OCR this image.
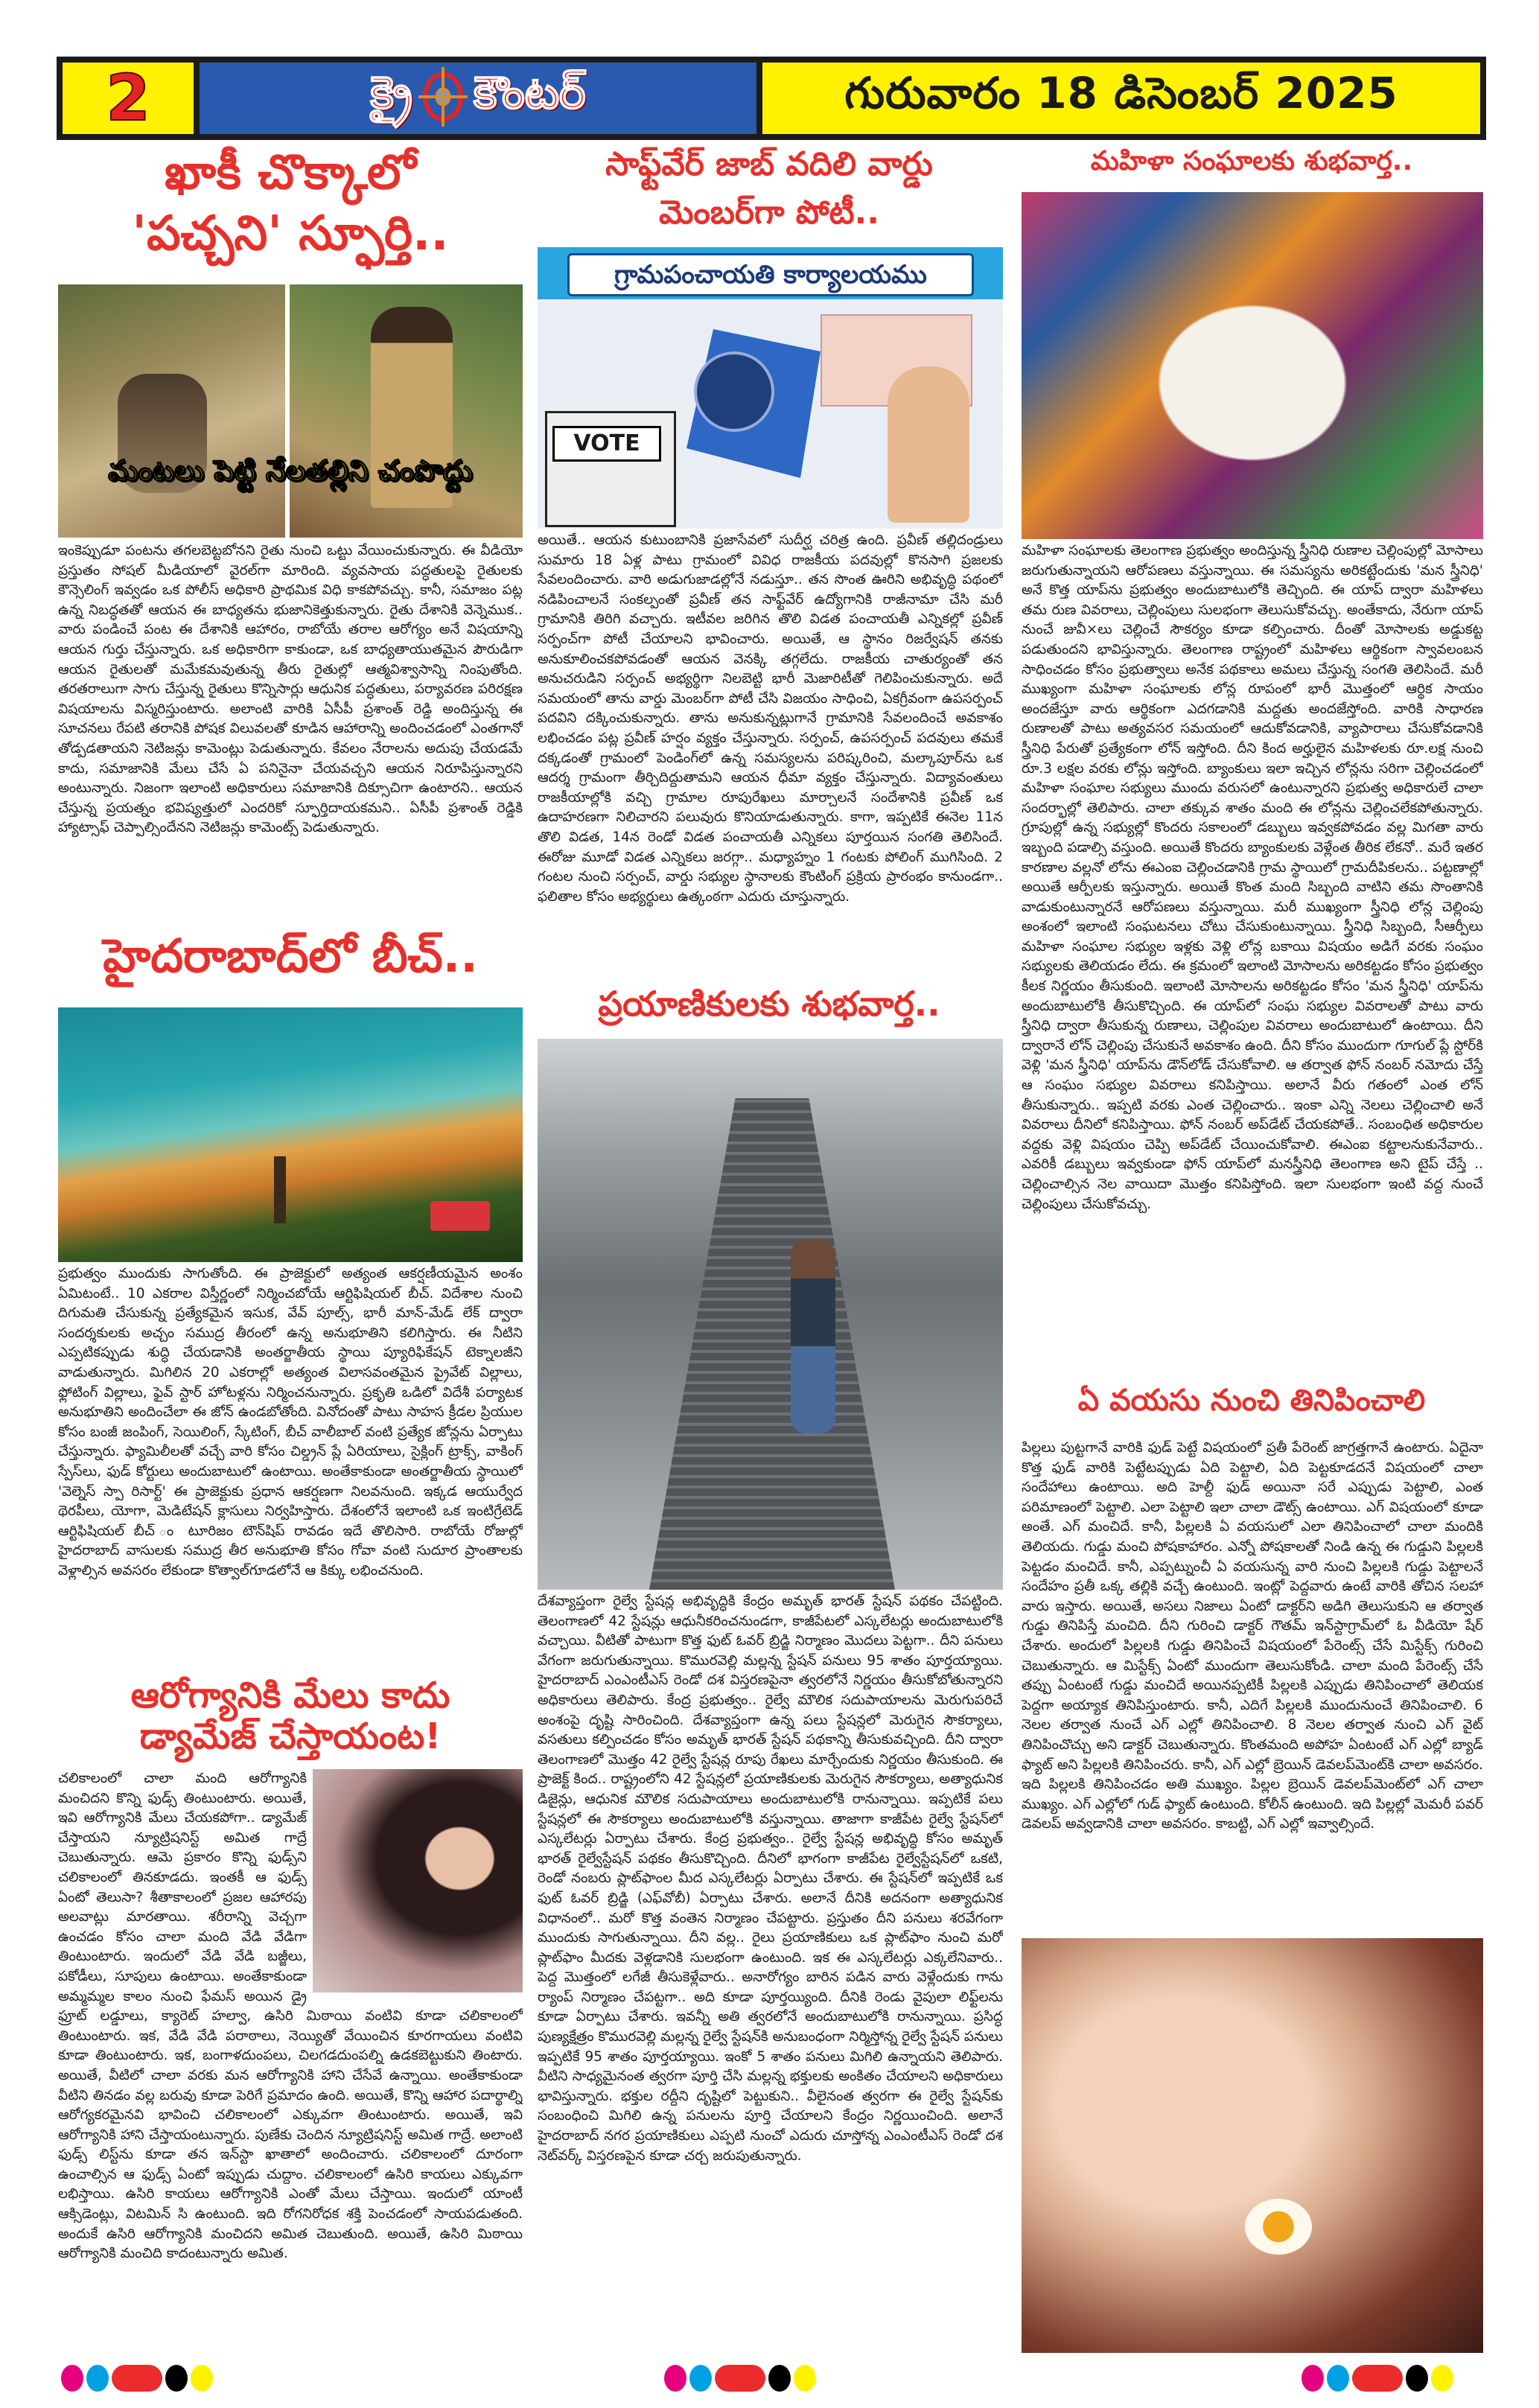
2	క్రై కౌంటర్	గురువారం 18 డిసెంబర్ 2025
ఖాకీ చొక్కాలో
'పచ్చని' స్ఫూర్తి..
మంటలు పెట్టి నేలతల్లిని చంపొద్దు
ఇంకెప్పుడూ పంటను తగలబెట్టబోనని రైతు నుంచి ఒట్టు వేయించుకున్నారు. ఈ వీడియో ప్రస్తుతం సోషల్ మీడియాలో వైరల్‌గా మారింది. వ్యవసాయ పద్ధతులపై రైతులకు కౌన్సెలింగ్ ఇవ్వడం ఒక పోలీస్ అధికారి ప్రాథమిక విధి కాకపోవచ్చు. కానీ, సమాజం పట్ల ఉన్న నిబద్ధతతో ఆయన ఈ బాధ్యతను భుజానికెత్తుకున్నారు. రైతు దేశానికి వెన్నెముక.. వారు పండించే పంట ఈ దేశానికి ఆహారం, రాబోయే తరాల ఆరోగ్యం అనే విషయాన్ని ఆయన గుర్తు చేస్తున్నారు. ఒక అధికారిగా కాకుండా, ఒక బాధ్యతాయుతమైన పౌరుడిగా ఆయన రైతులతో మమేకమవుతున్న తీరు రైతుల్లో ఆత్మవిశ్వాసాన్ని నింపుతోంది. తరతరాలుగా సాగు చేస్తున్న రైతులు కొన్నిసార్లు ఆధునిక పద్ధతులు, పర్యావరణ పరిరక్షణ విషయాలను విస్మరిస్తుంటారు. అలాంటి వారికి ఏసీపీ ప్రశాంత్ రెడ్డి అందిస్తున్న ఈ సూచనలు రేపటి తరానికి పోషక విలువలతో కూడిన ఆహారాన్ని అందించడంలో ఎంతగానో తోడ్పడతాయని నెటిజన్లు కామెంట్లు పెడుతున్నారు. కేవలం నేరాలను అదుపు చేయడమే కాదు, సమాజానికి మేలు చేసే ఏ పనినైనా చేయవచ్చని ఆయన నిరూపిస్తున్నారని అంటున్నారు. నిజంగా ఇలాంటి అధికారులు సమాజానికి దిక్సూచిగా ఉంటారని.. ఆయన చేస్తున్న ప్రయత్నం భవిష్యత్తులో ఎందరికో స్ఫూర్తిదాయకమని.. ఏసీపీ ప్రశాంత్ రెడ్డికి హ్యాట్సాఫ్ చెప్పాల్సిందేనని నెటిజన్లు కామెంట్స్ పెడుతున్నారు.
హైదరాబాద్‌లో బీచ్..
ప్రభుత్వం ముందుకు సాగుతోంది. ఈ ప్రాజెక్టులో అత్యంత ఆకర్షణీయమైన అంశం ఏమిటంటే.. 10 ఎకరాల విస్తీర్ణంలో నిర్మించబోయే ఆర్టిఫిషియల్ బీచ్. విదేశాల నుంచి దిగుమతి చేసుకున్న ప్రత్యేకమైన ఇసుక, వేవ్ పూల్స్, భారీ మాన్-మేడ్ లేక్ ద్వారా సందర్శకులకు అచ్చం సముద్ర తీరంలో ఉన్న అనుభూతిని కలిగిస్తారు. ఈ నీటిని ఎప్పటికప్పుడు శుద్ధి చేయడానికి అంతర్జాతీయ స్థాయి ప్యూరిఫికేషన్ టెక్నాలజీని వాడుతున్నారు. మిగిలిన 20 ఎకరాల్లో అత్యంత విలాసవంతమైన ప్రైవేట్ విల్లాలు, ఫ్లోటింగ్ విల్లాలు, ఫైవ్ స్టార్ హోటళ్లను నిర్మించనున్నారు. ప్రకృతి ఒడిలో విదేశీ పర్యాటక అనుభూతిని అందించేలా ఈ జోన్ ఉండబోతోంది. వినోదంతో పాటు సాహస క్రీడల ప్రియుల కోసం బంజీ జంపింగ్, సెయిలింగ్, స్కేటింగ్, బీచ్ వాలీబాల్ వంటి ప్రత్యేక జోన్లను ఏర్పాటు చేస్తున్నారు. ఫ్యామిలీలతో వచ్చే వారి కోసం చిల్డ్రన్ ప్లే ఏరియాలు, సైక్లింగ్ ట్రాక్స్, వాకింగ్ స్పేస్‌లు, ఫుడ్ కోర్టులు అందుబాటులో ఉంటాయి. అంతేకాకుండా అంతర్జాతీయ స్థాయిలో 'వెల్నెస్ స్పా రిసార్ట్' ఈ ప్రాజెక్టుకు ప్రధాన ఆకర్షణగా నిలవనుంది. ఇక్కడ ఆయుర్వేద థెరపీలు, యోగా, మెడిటేషన్ క్లాసులు నిర్వహిస్తారు. దేశంలోనే ఇలాంటి ఒక ఇంటిగ్రేటెడ్ ఆర్టిఫిషియల్ బీచ్ ం టూరిజం టౌన్‌షిప్ రావడం ఇదే తొలిసారి. రాబోయే రోజుల్లో హైదరాబాద్ వాసులకు సముద్ర తీర అనుభూతి కోసం గోవా వంటి సుదూర ప్రాంతాలకు వెళ్లాల్సిన అవసరం లేకుండా కొత్వాల్‌గూడలోనే ఆ కిక్కు లభించనుంది.
ఆరోగ్యానికి మేలు కాదు
డ్యామేజ్ చేస్తాయంట!
చలికాలంలో చాలా మంది ఆరోగ్యానికి మంచిదని కొన్ని ఫుడ్స్ తింటుంటారు. అయితే, ఇవి ఆరోగ్యానికి మేలు చేయకపోగా.. డ్యామేజ్ చేస్తాయని న్యూట్రిషనిస్ట్ అమిత గాద్రే చెబుతున్నారు. ఆమె ప్రకారం కొన్ని ఫుడ్స్‌ని చలికాలంలో తినకూడదు. ఇంతకీ ఆ ఫుడ్స్ ఏంటో తెలుసా? శీతాకాలంలో ప్రజల ఆహారపు అలవాట్లు మారతాయి. శరీరాన్ని వెచ్చగా ఉంచడం కోసం చాలా మంది వేడి వేడిగా తింటుంటారు. ఇందులో వేడి వేడి బజ్జీలు, పకోడీలు, సూపులు ఉంటాయి. అంతేకాకుండా అమ్మమ్మల కాలం నుంచి ఫేమస్ అయిన డ్రై ఫ్రూట్ లడ్డూలు, క్యారెట్ హల్వా, ఉసిరి మిఠాయి వంటివి కూడా చలికాలంలో తింటుంటారు. ఇక, వేడి వేడి పరాఠాలు, నెయ్యితో వేయించిన కూరగాయలు వంటివి కూడా తింటుంటారు. ఇక, బంగాళదుంపలు, చిలగడదుంపల్ని ఉడకబెట్టుకుని తింటారు. అయితే, వీటిలో చాలా వరకు మన ఆరోగ్యానికి హాని చేసేవే ఉన్నాయి. అంతేకాకుండా వీటిని తినడం వల్ల బరువు కూడా పెరిగే ప్రమాదం ఉంది. అయితే, కొన్ని ఆహార పదార్థాల్ని ఆరోగ్యకరమైనవి భావించి చలికాలంలో ఎక్కువగా తింటుంటారు. అయితే, ఇవి ఆరోగ్యానికి హాని చేస్తాయంటున్నారు. పుణేకు చెందిన న్యూట్రిషనిస్ట్ అమిత గాద్రే. అలాంటి ఫుడ్స్ లిస్ట్‌ను కూడా తన ఇన్‌స్టా ఖాతాలో అందించారు. చలికాలంలో దూరంగా ఉంచాల్సిన ఆ ఫుడ్స్ ఏంటో ఇప్పుడు చుద్దాం. చలికాలంలో ఉసిరి కాయలు ఎక్కువగా లభిస్తాయి. ఉసిరి కాయలు ఆరోగ్యానికి ఎంతో మేలు చేస్తాయి. ఇందులో యాంటీ ఆక్సిడెంట్లు, విటమిన్ సి ఉంటుంది. ఇది రోగనిరోధక శక్తి పెంచడంలో సాయపడుతంది. అందుకే ఉసిరి ఆరోగ్యానికి మంచిదని అమిత చెబుతుంది. అయితే, ఉసిరి మిఠాయి ఆరోగ్యానికి మంచిది కాదంటున్నారు అమిత.
సాఫ్ట్‌వేర్ జాబ్ వదిలి వార్డు
మెంబర్‌గా పోటీ..
గ్రామపంచాయతి కార్యాలయము
VOTE
అయితే.. ఆయన కుటుంబానికి ప్రజాసేవలో సుదీర్ఘ చరిత్ర ఉంది. ప్రవీణ్ తల్లిదండ్రులు సుమారు 18 ఏళ్ల పాటు గ్రామంలో వివిధ రాజకీయ పదవుల్లో కొనసాగి ప్రజలకు సేవలందించారు. వారి అడుగుజాడల్లోనే నడుస్తూ.. తన సొంత ఊరిని అభివృద్ధి పథంలో నడిపించాలనే సంకల్పంతో ప్రవీణ్ తన సాఫ్ట్‌వేర్ ఉద్యోగానికి రాజీనామా చేసి మరీ గ్రామానికి తిరిగి వచ్చారు. ఇటీవల జరిగిన తొలి విడత పంచాయతీ ఎన్నికల్లో ప్రవీణ్ సర్పంచ్‌గా పోటీ చేయాలని భావించారు. అయితే, ఆ స్థానం రిజర్వేషన్ తనకు అనుకూలించకపోవడంతో ఆయన వెనక్కి తగ్గలేదు. రాజకీయ చాతుర్యంతో తన అనుచరుడిని సర్పంచ్ అభ్యర్థిగా నిలబెట్టి భారీ మెజారిటీతో గెలిపించుకున్నారు. అదే సమయంలో తాను వార్డు మెంబర్‌గా పోటీ చేసి విజయం సాధించి, ఏకగ్రీవంగా ఉపసర్పంచ్ పదవిని దక్కించుకున్నారు. తాను అనుకున్నట్లుగానే గ్రామానికి సేవలందించే అవకాశం లభించడం పట్ల ప్రవీణ్ హర్షం వ్యక్తం చేస్తున్నారు. సర్పంచ్, ఉపసర్పంచ్ పదవులు తమకే దక్కడంతో గ్రామంలో పెండింగ్‌లో ఉన్న సమస్యలను పరిష్కరించి, మల్కాపూర్‌ను ఒక ఆదర్శ గ్రామంగా తీర్చిదిద్దుతామని ఆయన ధీమా వ్యక్తం చేస్తున్నారు. విద్యావంతులు రాజకీయాల్లోకి వచ్చి గ్రామాల రూపురేఖలు మార్చాలనే సందేశానికి ప్రవీణ్ ఒక ఉదాహరణగా నిలిచారని పలువురు కొనియాడుతున్నారు. కాగా, ఇప్పటికే ఈనెల 11న తొలి విడత, 14న రెండో విడత పంచాయతీ ఎన్నికలు పూర్తయిన సంగతి తెలిసిందే. ఈరోజు మూడో విడత ఎన్నికలు జరగ్గా.. మధ్యాహ్నం 1 గంటకు పోలింగ్ ముగిసింది. 2 గంటల నుంచి సర్పంచ్, వార్డు సభ్యుల స్థానాలకు కౌంటింగ్ ప్రక్రియ ప్రారంభం కానుండగా.. ఫలితాల కోసం అభ్యర్థులు ఉత్కంఠగా ఎదురు చూస్తున్నారు.
ప్రయాణికులకు శుభవార్త..
దేశవ్యాప్తంగా రైల్వే స్టేషన్ల అభివృద్ధికి కేంద్రం అమృత్ భారత్ స్టేషన్ పథకం చేపట్టింది. తెలంగాణలో 42 స్టేషన్లు ఆధునీకరించనుండగా, కాజీపేటలో ఎస్కలేటర్లు అందుబాటులోకి వచ్చాయి. వీటితో పాటుగా కొత్త ఫుట్ ఓవర్ బ్రిడ్జి నిర్మాణం మొదలు పెట్టగా.. దీని పనులు వేగంగా జరుగుతున్నాయి. కొమురవెల్లి మల్లన్న స్టేషన్ పనులు 95 శాతం పూర్తయ్యాయి. హైదరాబాద్ ఎంఎంటీఎస్ రెండో దశ విస్తరణపైనా త్వరలోనే నిర్ణయం తీసుకోబోతున్నారని అధికారులు తెలిపారు. కేంద్ర ప్రభుత్వం.. రైల్వే మౌలిక సదుపాయాలను మెరుగుపరిచే అంశంపై దృష్టి సారించింది. దేశవ్యాప్తంగా ఉన్న పలు స్టేషన్లలో మెరుగైన సౌకర్యాలు, వసతులు కల్పించడం కోసం అమృత్ భారత్ స్టేషన్ పథకాన్ని తీసుకువచ్చింది. దీని ద్వారా తెలంగాణలో మొత్తం 42 రైల్వే స్టేషన్ల రూపు రేఖలు మార్చేందుకు నిర్ణయం తీసుకుంది. ఈ ప్రాజెక్ట్ కింద.. రాష్ట్రంలోని 42 స్టేషన్లలో ప్రయాణికులకు మెరుగైన సౌకర్యాలు, అత్యాధునిక డిజైన్లు, ఆధునిక మౌలిక సదుపాయాలు అందుబాటులోకి రానున్నాయి. ఇప్పటికే పలు స్టేషన్లలో ఈ సౌకర్యాలు అందుబాటులోకి వస్తున్నాయి. తాజాగా కాజీపేట రైల్వే స్టేషన్‌లో ఎస్కలేటర్లు ఏర్పాటు చేశారు. కేంద్ర ప్రభుత్వం.. రైల్వే స్టేషన్ల అభివృద్ధి కోసం అమృత్ భారత్ రైల్వేస్టేషన్ పథకం తీసుకొచ్చింది. దీనిలో భాగంగా కాజీపేట రైల్వేస్టేషన్‌లో ఒకటి, రెండో నంబరు ప్లాట్‌ఫాంల మీద ఎస్కలేటర్లు ఏర్పాటు చేశారు. ఈ స్టేషన్‌లో ఇప్పటికే ఒక ఫుట్ ఓవర్ బ్రిడ్జి (ఎఫ్‌వోబీ) ఏర్పాటు చేశారు. అలానే దీనికి అదనంగా అత్యాధునిక విధానంలో.. మరో కొత్త వంతెన నిర్మాణం చేపట్టారు. ప్రస్తుతం దీని పనులు శరవేగంగా ముందుకు సాగుతున్నాయి. దీని వల్ల.. రైలు ప్రయాణికులు ఒక ప్లాట్‌ఫాం నుంచి మరో ప్లాట్‌ఫాం మీదకు వెళ్లడానికి సులభంగా ఉంటుంది. ఇక ఈ ఎస్కలేటర్లు ఎక్కలేనివారు.. పెద్ద మొత్తంలో లగేజీ తీసుకెళ్లేవారు.. అనారోగ్యం బారిన పడిన వారు వెళ్లేందుకు గాను ర్యాంప్ నిర్మాణం చేపట్టగా.. అది కూడా పూర్తయ్యింది. దీనికి రెండు వైపులా లిఫ్ట్‌లను కూడా ఏర్పాటు చేశారు. ఇవన్నీ అతి త్వరలోనే అందుబాటులోకి రానున్నాయి. ప్రసిద్ధ పుణ్యక్షేత్రం కొమురవెల్లి మల్లన్న రైల్వే స్టేషన్‌కి అనుబంధంగా నిర్మిస్తోన్న రైల్వే స్టేషన్ పనులు ఇప్పటికే 95 శాతం పూర్తయ్యాయి. ఇంకో 5 శాతం పనులు మిగిలి ఉన్నాయని తెలిపారు. వీటిని సాధ్యమైనంత త్వరగా పూర్తి చేసి మల్లన్న భక్తులకు అంకితం చేయాలని అధికారులు భావిస్తున్నారు. భక్తుల రద్దీని దృష్టిలో పెట్టుకుని.. వీలైనంత త్వరగా ఈ రైల్వే స్టేషన్‌కు సంబంధించి మిగిలి ఉన్న పనులను పూర్తి చేయాలని కేంద్రం నిర్ణయించింది. అలానే హైదరాబాద్ నగర ప్రయాణికులు ఎప్పటి నుంచో ఎదురు చూస్తోన్న ఎంఎంటీఎస్ రెండో దశ నెట్‌వర్క్ విస్తరణపైన కూడా చర్చ జరుపుతున్నారు.
మహిళా సంఘాలకు శుభవార్త..
మహిళా సంఘాలకు తెలంగాణ ప్రభుత్వం అందిస్తున్న స్త్రీనిధి రుణాల చెల్లింపుల్లో మోసాలు జరుగుతున్నాయని ఆరోపణలు వస్తున్నాయి. ఈ సమస్యను అరికట్టేందుకు 'మన స్త్రీనిధి' అనే కొత్త యాప్‌ను ప్రభుత్వం అందుబాటులోకి తెచ్చింది. ఈ యాప్ ద్వారా మహిళలు తమ రుణ వివరాలు, చెల్లింపులు సులభంగా తెలుసుకోవచ్చు. అంతేకాదు, నేరుగా యాప్ నుంచే జువీ×లు చెల్లించే సౌకర్యం కూడా కల్పించారు. దీంతో మోసాలకు అడ్డుకట్ట పడుతుందని భావిస్తున్నారు. తెలంగాణ రాష్ట్రంలో మహిళలు ఆర్థికంగా స్వావలంబన సాధించడం కోసం ప్రభుత్వాలు అనేక పథకాలు అమలు చేస్తున్న సంగతి తెలిసిందే. మరీ ముఖ్యంగా మహిళా సంఘాలకు లోన్ల రూపంలో భారీ మొత్తంలో ఆర్థిక సాయం అందజేస్తూ వారు ఆర్థికంగా ఎదగడానికి మద్దతు అందజేస్తోంది. వారికి సాధారణ రుణాలతో పాటు అత్యవసర సమయంలో ఆదుకోవడానికి, వ్యాపారాలు చేసుకోవడానికి స్త్రీనిధి పేరుతో ప్రత్యేకంగా లోన్ ఇస్తోంది. దీని కింద అర్హులైన మహిళలకు రూ.లక్ష నుంచి రూ.3 లక్షల వరకు లోన్లు ఇస్తోంది. బ్యాంకులు ఇలా ఇచ్చిన లోన్లను సరిగా చెల్లించడంలో మహిళా సంఘాల సభ్యులు ముందు వరుసలో ఉంటున్నారని ప్రభుత్వ అధికారులే చాలా సందర్భాల్లో తెలిపారు. చాలా తక్కువ శాతం మంది ఈ లోన్లను చెల్లించలేకపోతున్నారు. గ్రూపుల్లో ఉన్న సభ్యుల్లో కొందరు సకాలంలో డబ్బులు ఇవ్వకపోవడం వల్ల మిగతా వారు ఇబ్బంది పడాల్సి వస్తుంది. అయితే కొందరు బ్యాంకులకు వెళ్లేంత తీరిక లేకనో.. మరే ఇతర కారణాల వల్లనో లోను ఈఎంఐ చెల్లించడానికి గ్రామ స్థాయిలో గ్రామదీపికలను.. పట్టణాల్లో అయితే ఆర్పీలకు ఇస్తున్నారు. అయితే కొంత మంది సిబ్బంది వాటిని తమ సొంతానికి వాడుకుంటున్నారనే ఆరోపణలు వస్తున్నాయి. మరీ ముఖ్యంగా స్త్రీనిధి లోన్ల చెల్లింపు అంశంలో ఇలాంటి సంఘటనలు చోటు చేసుకుంటున్నాయి. స్త్రీనిధి సిబ్బంది, సీఆర్పీలు మహిళా సంఘాల సభ్యుల ఇళ్లకు వెళ్లి లోన్ల బకాయి విషయం అడిగే వరకు సంఘం సభ్యులకు తెలియడం లేదు. ఈ క్రమంలో ఇలాంటి మోసాలను అరికట్టడం కోసం ప్రభుత్వం కీలక నిర్ణయం తీసుకుంది. ఇలాంటి మోసాలను అరికట్టడం కోసం 'మన స్త్రీనిధి' యాప్‌ను అందుబాటులోకి తీసుకొచ్చింది. ఈ యాప్‌లో సంఘ సభ్యుల వివరాలతో పాటు వారు స్త్రీనిధి ద్వారా తీసుకున్న రుణాలు, చెల్లింపుల వివరాలు అందుబాటులో ఉంటాయి. దీని ద్వారానే లోన్ చెల్లింపు చేసుకునే అవకాశం ఉంది. దీని కోసం ముందుగా గూగుల్ ప్లే స్టోర్‌కి వెళ్లి 'మన స్త్రీనిధి' యాప్‌ను డౌన్‌లోడ్ చేసుకోవాలి. ఆ తర్వాత ఫోన్ నంబర్ నమోదు చేస్తే ఆ సంఘం సభ్యుల వివరాలు కనిపిస్తాయి. అలానే వీరు గతంలో ఎంత లోన్ తీసుకున్నారు.. ఇప్పటి వరకు ఎంత చెల్లించారు.. ఇంకా ఎన్ని నెలలు చెల్లించాలి అనే వివరాలు దీనిలో కనిపిస్తాయి. ఫోన్ నంబర్ అప్‌డేట్ చేయకపోతే.. సంబంధిత అధికారుల వద్దకు వెళ్లి విషయం చెప్పి అప్‌డేట్ చేయించుకోవాలి. ఈఎంఐ కట్టాలనుకునేవారు.. ఎవరికీ డబ్బులు ఇవ్వకుండా ఫోన్ యాప్‌లో మనస్త్రీనిధి తెలంగాణ అని టైప్ చేస్తే .. చెల్లించాల్సిన నెల వాయిదా మొత్తం కనిపిస్తోంది. ఇలా సులభంగా ఇంటి వద్ద నుంచే చెల్లింపులు చేసుకోవచ్చు.
ఏ వయసు నుంచి తినిపించాలి
పిల్లలు పుట్టగానే వారికి ఫుడ్ పెట్టే విషయంలో ప్రతీ పేరెంట్ జాగ్రత్తగానే ఉంటారు. ఏదైనా కొత్త ఫుడ్ వారికి పెట్టేటప్పుడు ఏది పెట్టాలి, ఏది పెట్టకూడదనే విషయంలో చాలా సందేహాలు ఉంటాయి. అది హెల్దీ ఫుడ్ అయినా సరే ఎప్పుడు పెట్టాలి, ఎంత పరిమాణంలో పెట్టాలి. ఎలా పెట్టాలి ఇలా చాలా డౌట్స్ ఉంటాయి. ఎగ్ విషయంలో కూడా అంతే. ఎగ్ మంచిదే. కానీ, పిల్లలకి ఏ వయసులో ఎలా తినిపించాలో చాలా మందికి తెలియదు. గుడ్డు మంచి పోషకాహారం. ఎన్నో పోషకాలతో నిండి ఉన్న ఈ గుడ్డుని పిల్లలకి పెట్టడం మంచిదే. కానీ, ఎప్పట్నుంచీ ఏ వయసున్న వారి నుంచి పిల్లలకి గుడ్డు పెట్టాలనే సందేహం ప్రతీ ఒక్క తల్లికి వచ్చే ఉంటుంది. ఇంట్లో పెద్దవారు ఉంటే వారికి తోచిన సలహా వారు ఇస్తారు. అయితే, అసలు నిజాలు ఏంటో డాక్టర్‌ని అడిగి తెలుసుకుని ఆ తర్వాత గుడ్డు తినిపిస్తే మంచిది. దీని గురించి డాక్టర్ గౌతమ్ ఇన్‌స్టాగ్రామ్‌లో ఓ వీడియో షేర్ చేశారు. అందులో పిల్లలకి గుడ్డు తినిపించే విషయంలో పేరెంట్స్ చేసే మిస్టేక్స్ గురించి చెబుతున్నారు. ఆ మిస్టేక్స్ ఏంటో ముందుగా తెలుసుకోండి. చాలా మంది పేరెంట్స్ చేసే తప్పు ఏంటంటే గుడ్డు మంచిదే అయినప్పటికీ పిల్లలకి ఎప్పుడు తినిపించాలో తెలియక పెద్దగా అయ్యాక తినిపిస్తుంటారు. కానీ, ఎదిగే పిల్లలకి ముందునుంచే తినిపించాలి. 6 నెలల తర్వాత నుంచే ఎగ్ ఎల్లో తినిపించాలి. 8 నెలల తర్వాత నుంచి ఎగ్ వైట్ తినిపించొచ్చు అని డాక్టర్ చెబుతున్నారు. కొంతమంది అపోహ ఏంటంటే ఎగ్ ఎల్లో బ్యాడ్ ఫ్యాట్ అని పిల్లలకి తినిపించరు. కానీ, ఎగ్ ఎల్లో బ్రెయిన్ డెవలప్‌మెంట్‌కి చాలా అవసరం. ఇది పిల్లలకి తినిపించడం అతి ముఖ్యం. పిల్లల బ్రెయిన్ డెవలప్‌మెంట్‌లో ఎగ్ చాలా ముఖ్యం. ఎగ్ ఎల్లోలో గుడ్ ఫ్యాట్ ఉంటుంది. కోలీన్ ఉంటుంది. ఇది పిల్లల్లో మెమరీ పవర్ డెవలప్ అవ్వడానికి చాలా అవసరం. కాబట్టి, ఎగ్ ఎల్లో ఇవ్వాల్సిందే.
